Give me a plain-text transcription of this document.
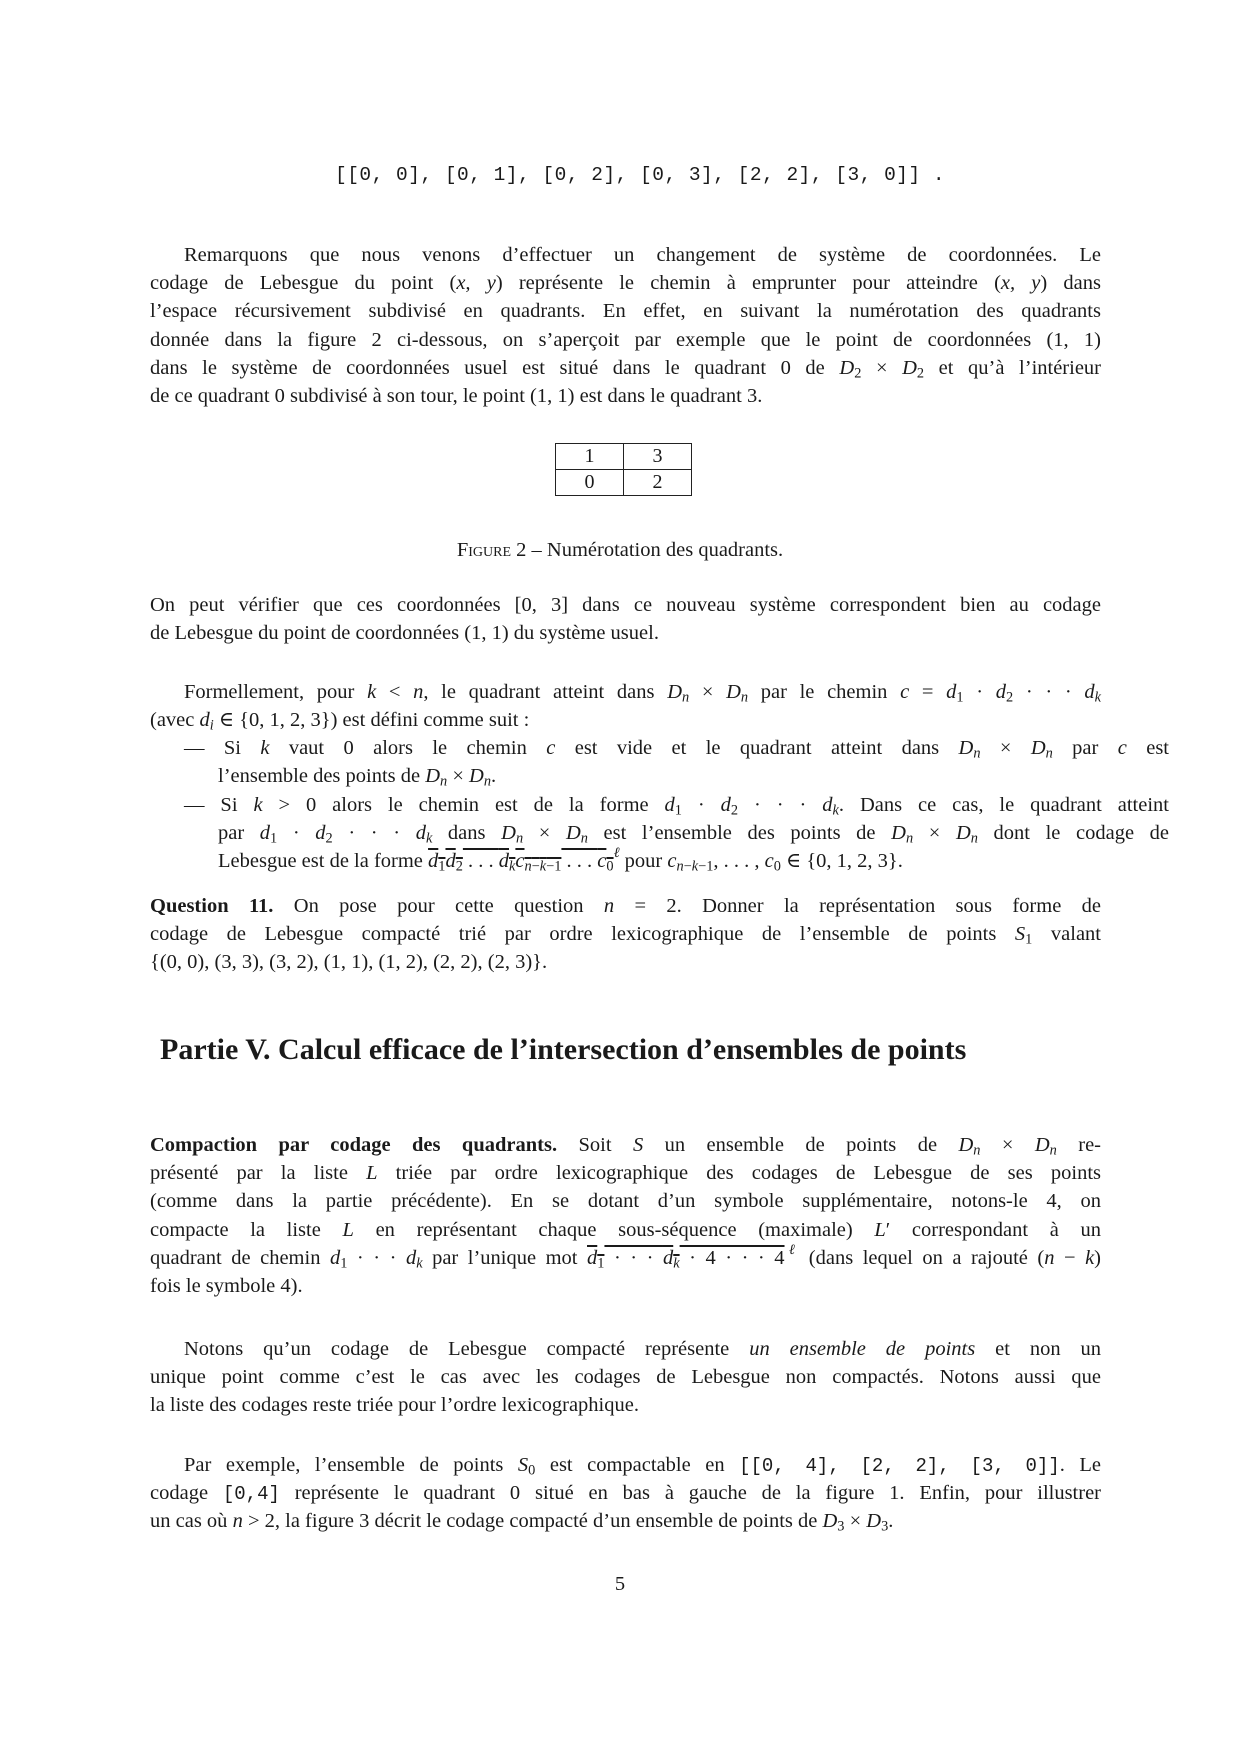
[[0, 0], [0, 1], [0, 2], [0, 3], [2, 2], [3, 0]] .
Remarquons que nous venons d’effectuer un changement de système de coordonnées. Le
codage de Lebesgue du point (x, y) représente le chemin à emprunter pour atteindre (x, y) dans
l’espace récursivement subdivisé en quadrants. En effet, en suivant la numérotation des quadrants
donnée dans la figure 2 ci-dessous, on s’aperçoit par exemple que le point de coordonnées (1, 1)
dans le système de coordonnées usuel est situé dans le quadrant 0 de $D_2 \times D_2$ et qu’à l’intérieur
de ce quadrant 0 subdivisé à son tour, le point (1, 1) est dans le quadrant 3.
1	3
0	2
Figure 2 – Numérotation des quadrants.
On peut vérifier que ces coordonnées [0, 3] dans ce nouveau système correspondent bien au codage
de Lebesgue du point de coordonnées (1, 1) du système usuel.
Formellement, pour k < n, le quadrant atteint dans $D_n \times D_n$ par le chemin $c = d_1 \cdot d_2$ · · · $d_k$
(avec $d_i$ ∈ {0, 1, 2, 3}) est défini comme suit :
— Si k vaut 0 alors le chemin c est vide et le quadrant atteint dans $D_n \times D_n$ par c est
l’ensemble des points de $D_n \times D_n$.
— Si k > 0 alors le chemin est de la forme $d_1 \cdot d_2$ · · · $d_k$. Dans ce cas, le quadrant atteint
par $d_1 \cdot d_2$ · · · $d_k$ dans $D_n \times D_n$ est l’ensemble des points de $D_n \times D_n$ dont le codage de
Lebesgue est de la forme $d_1d_2$ . . . $d_kc_{n-k-1}$ . . . $c_0^\ell$ pour $c_{n-k-1}$, . . . , $c_0$ ∈ {0, 1, 2, 3}.
Question 11. On pose pour cette question n = 2. Donner la représentation sous forme de
codage de Lebesgue compacté trié par ordre lexicographique de l’ensemble de points $S_1$ valant
{(0, 0), (3, 3), (3, 2), (1, 1), (1, 2), (2, 2), (2, 3)}.
Partie V. Calcul efficace de l’intersection d’ensembles de points
Compaction par codage des quadrants. Soit S un ensemble de points de $D_n \times D_n$ re-
présenté par la liste L triée par ordre lexicographique des codages de Lebesgue de ses points
(comme dans la partie précédente). En se dotant d’un symbole supplémentaire, notons-le 4, on
compacte la liste L en représentant chaque sous-séquence (maximale) L′ correspondant à un
quadrant de chemin $d_1$ · · · $d_k$ par l’unique mot $d_1$ · · · $d_k \cdot 4$ · · · $4^\ell$ (dans lequel on a rajouté (n − k)
fois le symbole 4).
Notons qu’un codage de Lebesgue compacté représente un ensemble de points et non un
unique point comme c’est le cas avec les codages de Lebesgue non compactés. Notons aussi que
la liste des codages reste triée pour l’ordre lexicographique.
Par exemple, l’ensemble de points $S_0$ est compactable en [[0, 4], [2, 2], [3, 0]]. Le
codage [0,4] représente le quadrant 0 situé en bas à gauche de la figure 1. Enfin, pour illustrer
un cas où n > 2, la figure 3 décrit le codage compacté d’un ensemble de points de $D_3 \times D_3$.
5
